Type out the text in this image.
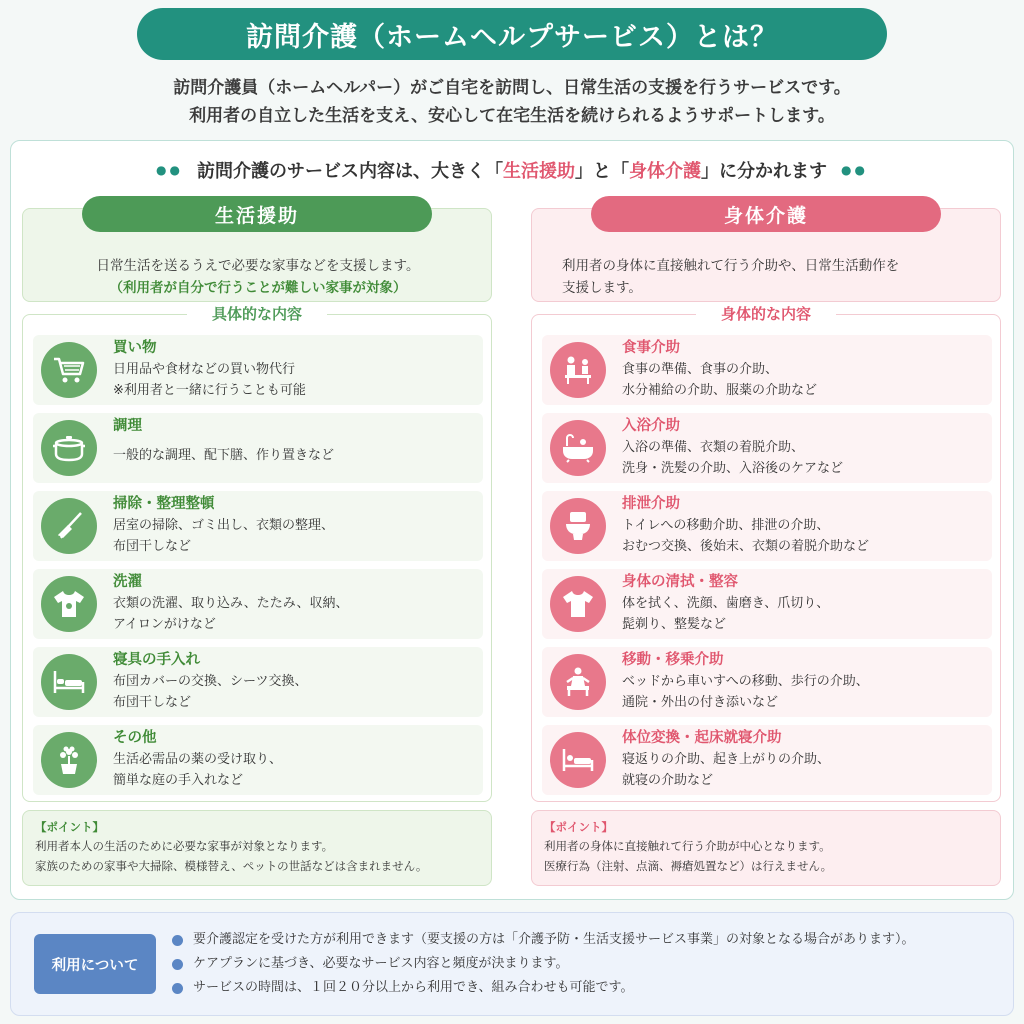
訪問介護（ホームヘルプサービス）とは？
訪問介護員（ホームヘルパー）がご自宅を訪問し、日常生活の支援を行うサービスです。
利用者の自立した生活を支え、安心して在宅生活を続けられるようサポートします。
●● 訪問介護のサービス内容は、大きく「生活援助」と「身体介護」に分かれます ●●
日常生活を送るうえで必要な家事などを支援します。
（利用者が自分で行うことが難しい家事が対象）
生活援助
買い物
日用品や食材などの買い物代行
※利用者と一緒に行うことも可能
調理
一般的な調理、配下膳、作り置きなど
掃除・整理整頓
居室の掃除、ゴミ出し、衣類の整理、
布団干しなど
洗濯
衣類の洗濯、取り込み、たたみ、収納、
アイロンがけなど
寝具の手入れ
布団カバーの交換、シーツ交換、
布団干しなど
その他
生活必需品の薬の受け取り、
簡単な庭の手入れなど
具体的な内容
【ポイント】
利用者本人の生活のために必要な家事が対象となります。
家族のための家事や大掃除、模様替え、ペットの世話などは含まれません。
利用者の身体に直接触れて行う介助や、日常生活動作を
支援します。
身体介護
食事介助
食事の準備、食事の介助、
水分補給の介助、服薬の介助など
入浴介助
入浴の準備、衣類の着脱介助、
洗身・洗髪の介助、入浴後のケアなど
排泄介助
トイレへの移動介助、排泄の介助、
おむつ交換、後始末、衣類の着脱介助など
身体の清拭・整容
体を拭く、洗顔、歯磨き、爪切り、
髭剃り、整髪など
移動・移乗介助
ベッドから車いすへの移動、歩行の介助、
通院・外出の付き添いなど
体位変換・起床就寝介助
寝返りの介助、起き上がりの介助、
就寝の介助など
身体的な内容
【ポイント】
利用者の身体に直接触れて行う介助が中心となります。
医療行為（注射、点滴、褥瘡処置など）は行えません。
利用について
要介護認定を受けた方が利用できます（要支援の方は「介護予防・生活支援サービス事業」の対象となる場合があります）。
ケアプランに基づき、必要なサービス内容と頻度が決まります。
サービスの時間は、１回２０分以上から利用でき、組み合わせも可能です。
